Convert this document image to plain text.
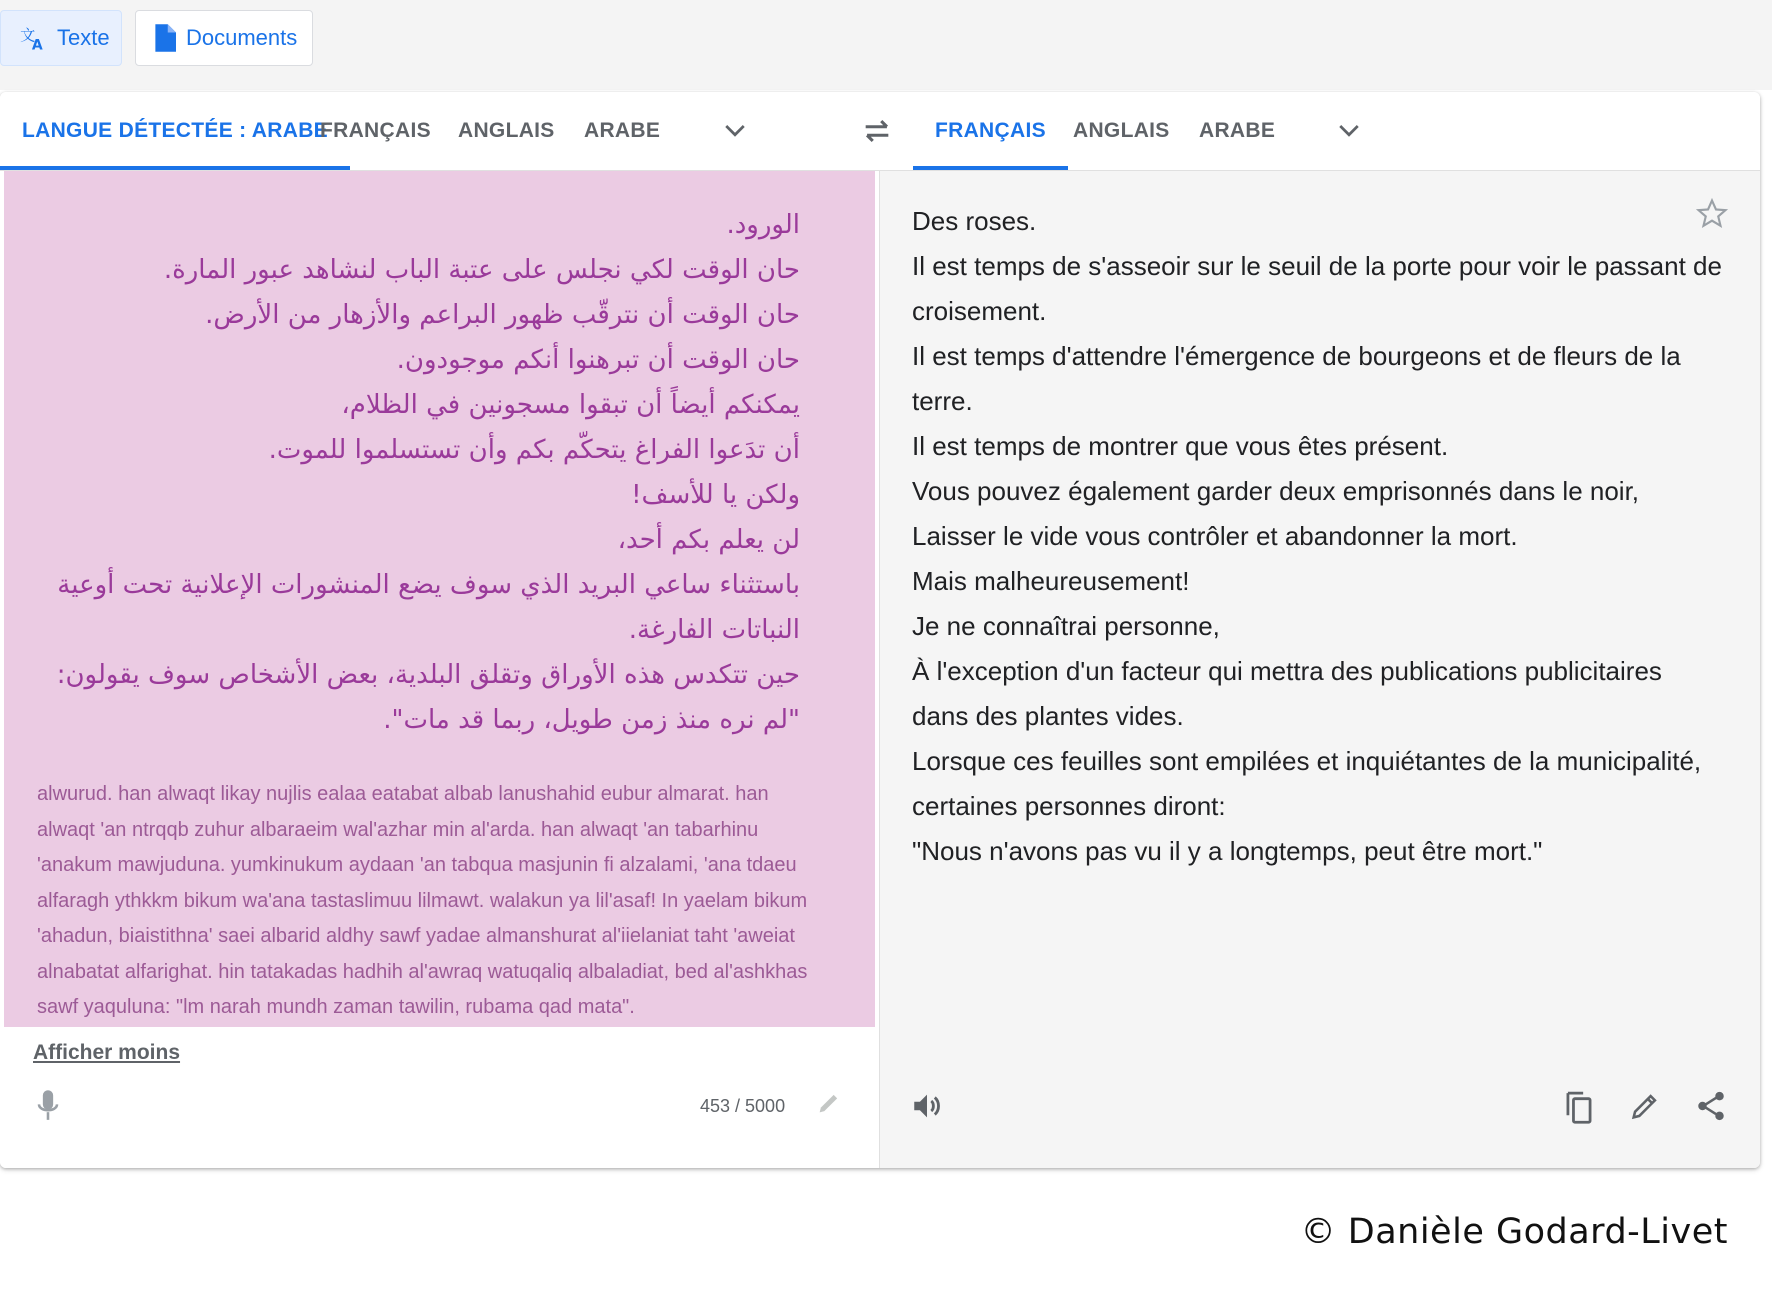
文
A Texte	Documents
LANGUE DÉTECTÉE : ARABE
FRANÇAIS ANGLAIS ARABE	FRANÇAIS	ANGLAIS ARABE
الورود.
حان الوقت لكي نجلس على عتبة الباب لنشاهد عبور المارة.
حان الوقت أن نترقّب ظهور البراعم والأزهار من الأرض.
حان الوقت أن تبرهنوا أنكم موجودون.
يمكنكم أيضاً أن تبقوا مسجونين في الظلام،
أن تدَعوا الفراغ يتحكّم بكم وأن تستسلموا للموت.
ولكن يا للأسف!
لن يعلم بكم أحد،
باستثناء ساعي البريد الذي سوف يضع المنشورات الإعلانية تحت أوعية
النباتات الفارغة.
حين تتكدس هذه الأوراق وتقلق البلدية، بعض الأشخاص سوف يقولون:
"لم نره منذ زمن طويل، ربما قد مات".
alwurud. han alwaqt likay nujlis ealaa eatabat albab lanushahid eubur almarat. han
alwaqt 'an ntrqqb zuhur albaraeim wal'azhar min al'arda. han alwaqt 'an tabarhinu
'anakum mawjuduna. yumkinukum aydaan 'an tabqua masjunin fi alzalami, 'ana tdaeu
alfaragh ythkkm bikum wa'ana tastaslimuu lilmawt. walakun ya lil'asaf! In yaelam bikum
'ahadun, biaistithna' saei albarid aldhy sawf yadae almanshurat al'iielaniat taht 'aweiat
alnabatat alfarighat. hin tatakadas hadhih al'awraq watuqaliq albaladiat, bed al'ashkhas
sawf yaquluna: "lm narah mundh zaman tawilin, rubama qad mata".
Afficher moins
453 / 5000
Des roses.
Il est temps de s'asseoir sur le seuil de la porte pour voir le passant de
croisement.
Il est temps d'attendre l'émergence de bourgeons et de fleurs de la
terre.
Il est temps de montrer que vous êtes présent.
Vous pouvez également garder deux emprisonnés dans le noir,
Laisser le vide vous contrôler et abandonner la mort.
Mais malheureusement!
Je ne connaîtrai personne,
À l'exception d'un facteur qui mettra des publications publicitaires
dans des plantes vides.
Lorsque ces feuilles sont empilées et inquiétantes de la municipalité,
certaines personnes diront:
"Nous n'avons pas vu il y a longtemps, peut être mort."
© Danièle Godard-Livet
